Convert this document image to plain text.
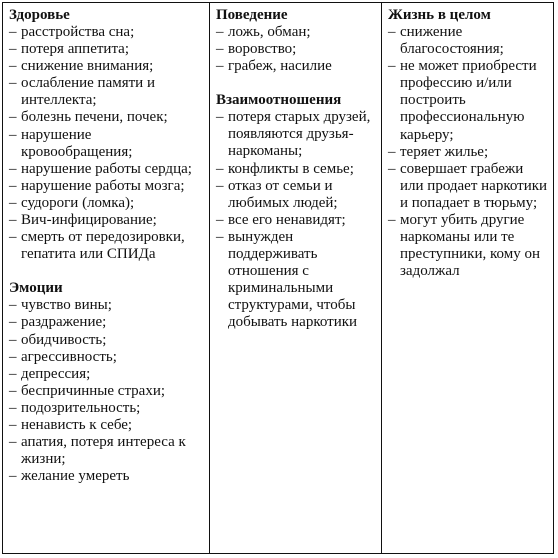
Здоровье

– расстройства сна;
– потеря аппетита;
– снижение внимания;
– ослабление памяти и интеллекта;
– болезнь печени, почек;
– нарушение кровообращения;
– нарушение работы сердца;
– нарушение работы мозга;
– судороги (ломка);
– Вич-инфицирование;
– смерть от передозировки, гепатита или СПИДа

Эмоции

– чувство вины;
– раздражение;
– обидчивость;
– агрессивность;
– депрессия;
– беспричинные страхи;
– подозрительность;
– ненависть к себе;
– апатия, потеря интереса к жизни;
– желание умереть

Поведение

– ложь, обман;
– воровство;
– грабеж, насилие

Взаимоотношения

– потеря старых друзей, появляются друзья-наркоманы;
– конфликты в семье;
– отказ от семьи и любимых людей;
– все его ненавидят;
– вынужден поддерживать отношения с криминальными структурами, чтобы добывать наркотики

Жизнь в целом

– снижение благосостояния;
– не может приобрести профессию и/или построить профессиональную карьеру;
– теряет жилье;
– совершает грабежи или продает наркотики и попадает в тюрьму;
– могут убить другие наркоманы или те преступники, кому он задолжал
